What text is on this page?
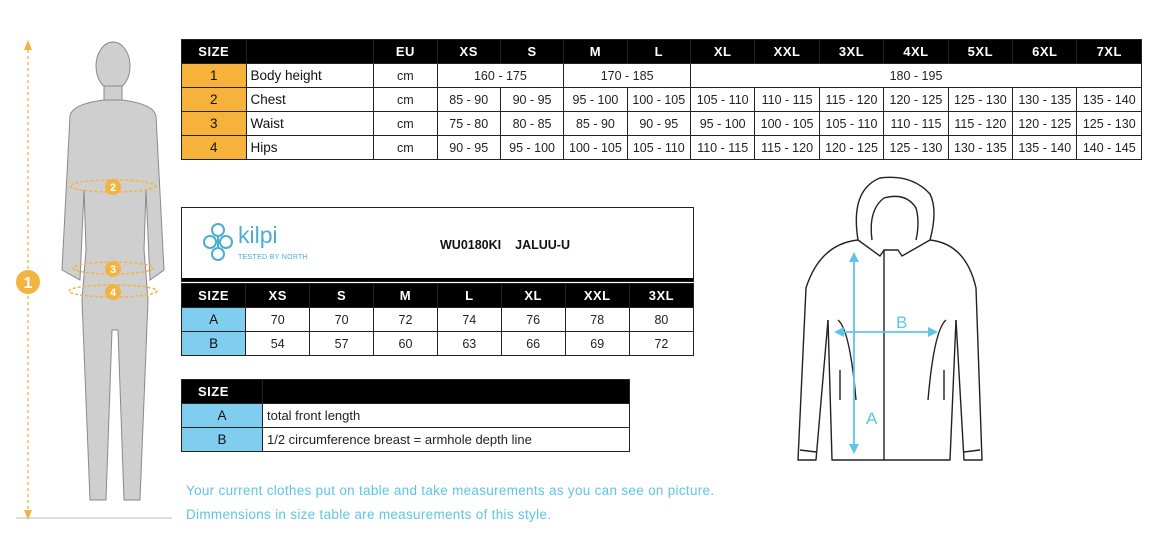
1
2
3
4
SIZE		EU	XS	S	M	L	XL	XXL	3XL	4XL	5XL	6XL	7XL
1	Body height	cm	160 - 175		170 - 185		180 - 195						
2	Chest	cm	85 - 90	90 - 95	95 - 100	100 - 105	105 - 110	110 - 115	115 - 120	120 - 125	125 - 130	130 - 135	135 - 140
3	Waist	cm	75 - 80	80 - 85	85 - 90	90 - 95	95 - 100	100 - 105	105 - 110	110 - 115	115 - 120	120 - 125	125 - 130
4	Hips	cm	90 - 95	95 - 100	100 - 105	105 - 110	110 - 115	115 - 120	120 - 125	125 - 130	130 - 135	135 - 140	140 - 145
kilpi
TESTED BY NORTH
WU0180KI JALUU-U
SIZE	XS	S	M	L	XL	XXL	3XL
A	70	70	72	74	76	78	80
B	54	57	60	63	66	69	72
SIZE	
A	total front length
B	1/2 circumference breast = armhole depth line
A
B
Your current clothes put on table and take measurements as you can see on picture.
Dimmensions in size table are measurements of this style.
